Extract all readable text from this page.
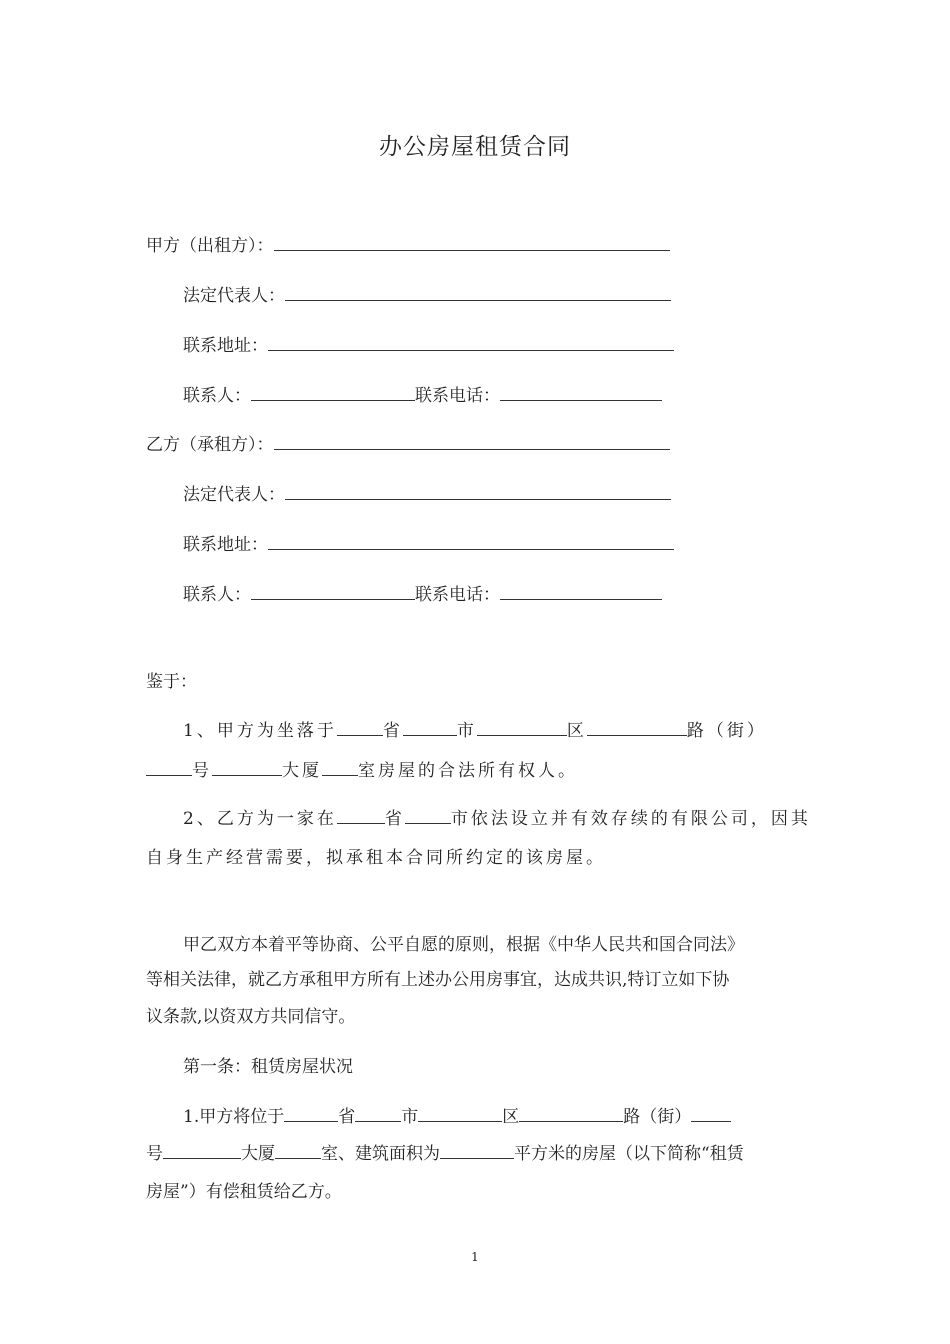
办公房屋租赁合同
甲方（出租方）：
法定代表人：
联系地址：
联系人：	联系电话：
乙方（承租方）：
法定代表人：
联系地址：
联系人：	联系电话：
鉴于：
1、甲方为坐落于	省	市	区	路（街）
号	大厦 室房屋的合法所有权人。
2、乙方为一家在	省	市依法设立并有效存续的有限公司，因其
自身生产经营需要，拟承租本合同所约定的该房屋。
甲乙双方本着平等协商、公平自愿的原则，根据《中华人民共和国合同法》
等相关法律，就乙方承租甲方所有上述办公用房事宜，达成共识,特订立如下协
议条款,以资双方共同信守。
第一条：租赁房屋状况
1.甲方将位于	省	市	区	路（街）
号	大厦	室、建筑面积为	平方米的房屋（以下简称“租赁
房屋”）有偿租赁给乙方。
1
